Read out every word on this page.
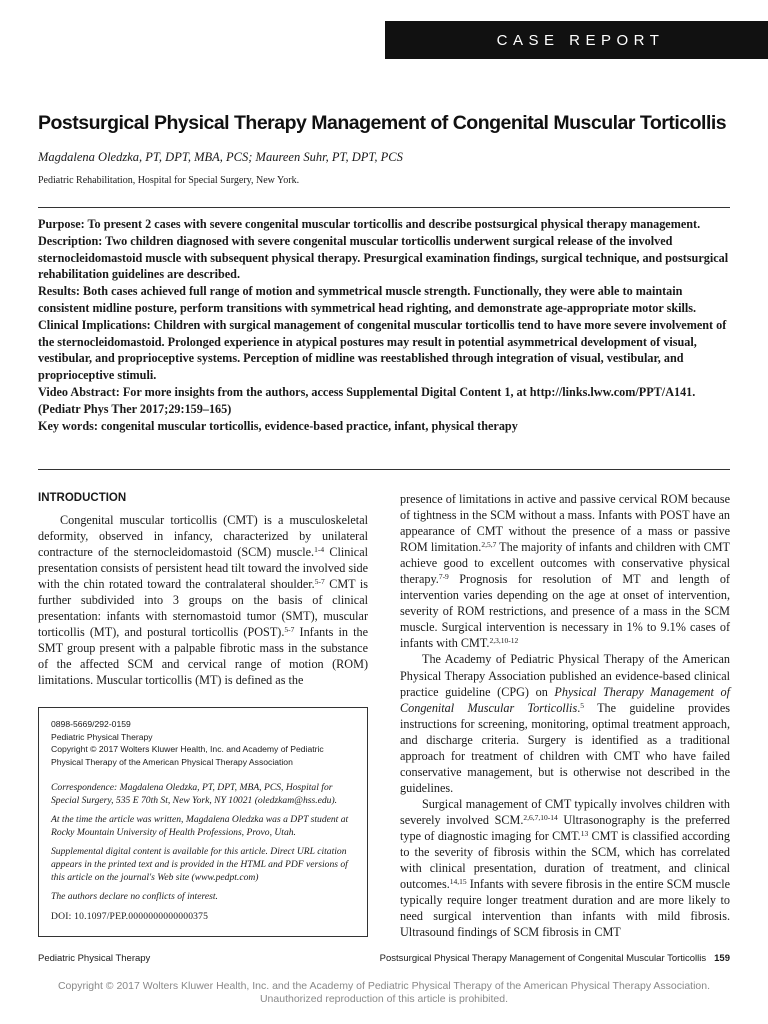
CASE REPORT
Postsurgical Physical Therapy Management of Congenital Muscular Torticollis
Magdalena Oledzka, PT, DPT, MBA, PCS; Maureen Suhr, PT, DPT, PCS
Pediatric Rehabilitation, Hospital for Special Surgery, New York.

Purpose: To present 2 cases with severe congenital muscular torticollis and describe postsurgical physical therapy management.

Description: Two children diagnosed with severe congenital muscular torticollis underwent surgical release of the involved sternocleidomastoid muscle with subsequent physical therapy. Presurgical examination findings, surgical technique, and postsurgical rehabilitation guidelines are described.

Results: Both cases achieved full range of motion and symmetrical muscle strength. Functionally, they were able to maintain consistent midline posture, perform transitions with symmetrical head righting, and demonstrate age-appropriate motor skills.

Clinical Implications: Children with surgical management of congenital muscular torticollis tend to have more severe involvement of the sternocleidomastoid. Prolonged experience in atypical postures may result in potential asymmetrical development of visual, vestibular, and proprioceptive systems. Perception of midline was reestablished through integration of visual, vestibular, and proprioceptive stimuli.

Video Abstract: For more insights from the authors, access Supplemental Digital Content 1, at http://links.lww.com/PPT/A141. (Pediatr Phys Ther 2017;29:159–165)

Key words: congenital muscular torticollis, evidence-based practice, infant, physical therapy

INTRODUCTION

Congenital muscular torticollis (CMT) is a musculoskeletal deformity, observed in infancy, characterized by unilateral contracture of the sternocleidomastoid (SCM) muscle.$^{1-4}$ Clinical presentation consists of persistent head tilt toward the involved side with the chin rotated toward the contralateral shoulder.$^{5-7}$ CMT is further subdivided into 3 groups on the basis of clinical presentation: infants with sternomastoid tumor (SMT), muscular torticollis (MT), and postural torticollis (POST).$^{5-7}$ Infants in the SMT group present with a palpable fibrotic mass in the substance of the affected SCM and cervical range of motion (ROM) limitations. Muscular torticollis (MT) is defined as the

0898-5669/292-0159

Pediatric Physical Therapy

Copyright © 2017 Wolters Kluwer Health, Inc. and Academy of Pediatric Physical Therapy of the American Physical Therapy Association

Correspondence: Magdalena Oledzka, PT, DPT, MBA, PCS, Hospital for Special Surgery, 535 E 70th St, New York, NY 10021 (oledzkam@hss.edu).

At the time the article was written, Magdalena Oledzka was a DPT student at Rocky Mountain University of Health Professions, Provo, Utah.

Supplemental digital content is available for this article. Direct URL citation appears in the printed text and is provided in the HTML and PDF versions of this article on the journal's Web site (www.pedpt.com)

The authors declare no conflicts of interest.

DOI: 10.1097/PEP.0000000000000375

presence of limitations in active and passive cervical ROM because of tightness in the SCM without a mass. Infants with POST have an appearance of CMT without the presence of a mass or passive ROM limitation.$^{2,5,7}$ The majority of infants and children with CMT achieve good to excellent outcomes with conservative physical therapy.$^{7-9}$ Prognosis for resolution of MT and length of intervention varies depending on the age at onset of intervention, severity of ROM restrictions, and presence of a mass in the SCM muscle. Surgical intervention is necessary in 1% to 9.1% cases of infants with CMT.$^{2,3,10-12}$

The Academy of Pediatric Physical Therapy of the American Physical Therapy Association published an evidence-based clinical practice guideline (CPG) on Physical Therapy Management of Congenital Muscular Torticollis.$^5$ The guideline provides instructions for screening, monitoring, optimal treatment approach, and discharge criteria. Surgery is identified as a traditional approach for treatment of children with CMT who have failed conservative management, but is otherwise not described in the guidelines.

Surgical management of CMT typically involves children with severely involved SCM.$^{2,6,7,10-14}$ Ultrasonography is the preferred type of diagnostic imaging for CMT.$^{13}$ CMT is classified according to the severity of fibrosis within the SCM, which has correlated with clinical presentation, duration of treatment, and clinical outcomes.$^{14,15}$ Infants with severe fibrosis in the entire SCM muscle typically require longer treatment duration and are more likely to need surgical intervention than infants with mild fibrosis. Ultrasound findings of SCM fibrosis in CMT

Pediatric Physical Therapy	Postsurgical Physical Therapy Management of Congenital Muscular Torticollis 159
Copyright © 2017 Wolters Kluwer Health, Inc. and the Academy of Pediatric Physical Therapy of the American Physical Therapy Association.
Unauthorized reproduction of this article is prohibited.
